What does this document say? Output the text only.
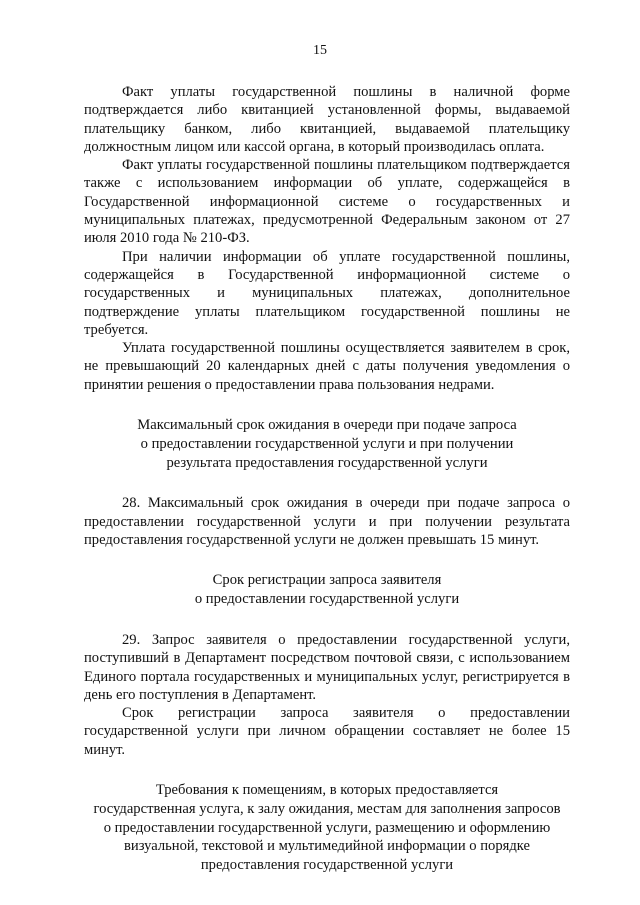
15

Факт уплаты государственной пошлины в наличной форме подтверждается либо квитанцией установленной формы, выдаваемой плательщику банком, либо квитанцией, выдаваемой плательщику должностным лицом или кассой органа, в который производилась оплата.

Факт уплаты государственной пошлины плательщиком подтверждается также с использованием информации об уплате, содержащейся в Государственной информационной системе о государственных и муниципальных платежах, предусмотренной Федеральным законом от 27 июля 2010 года № 210-ФЗ.

При наличии информации об уплате государственной пошлины, содержащейся в Государственной информационной системе о государственных и муниципальных платежах, дополнительное подтверждение уплаты плательщиком государственной пошлины не требуется.

Уплата государственной пошлины осуществляется заявителем в срок, не превышающий 20 календарных дней с даты получения уведомления о принятии решения о предоставлении права пользования недрами.

Максимальный срок ожидания в очереди при подаче запроса
о предоставлении государственной услуги и при получении
результата предоставления государственной услуги

28. Максимальный срок ожидания в очереди при подаче запроса о предоставлении государственной услуги и при получении результата предоставления государственной услуги не должен превышать 15 минут.

Срок регистрации запроса заявителя
о предоставлении государственной услуги

29. Запрос заявителя о предоставлении государственной услуги, поступивший в Департамент посредством почтовой связи, с использованием Единого портала государственных и муниципальных услуг, регистрируется в день его поступления в Департамент.

Срок регистрации запроса заявителя о предоставлении государственной услуги при личном обращении составляет не более 15 минут.

Требования к помещениям, в которых предоставляется
государственная услуга, к залу ожидания, местам для заполнения запросов
о предоставлении государственной услуги, размещению и оформлению
визуальной, текстовой и мультимедийной информации о порядке
предоставления государственной услуги
